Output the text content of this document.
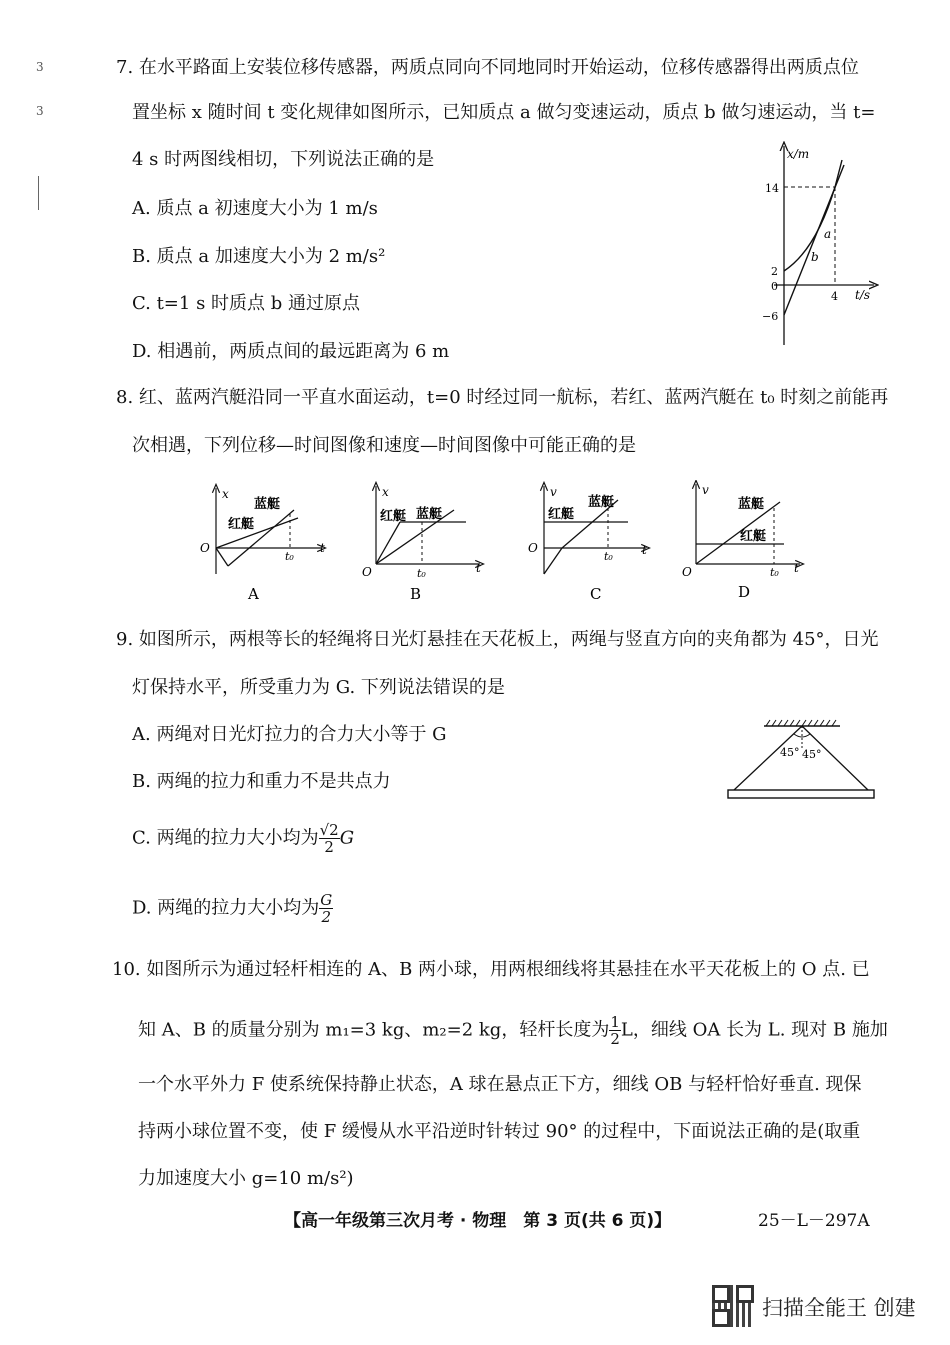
3
3
7. 在水平路面上安装位移传感器，两质点同向不同地同时开始运动，位移传感器得出两质点位
置坐标 x 随时间 t 变化规律如图所示，已知质点 a 做匀变速运动，质点 b 做匀速运动，当 t=
4 s 时两图线相切，下列说法正确的是
A. 质点 a 初速度大小为 1 m/s
B. 质点 a 加速度大小为 2 m/s²
C. t=1 s 时质点 b 通过原点
D. 相遇前，两质点间的最远距离为 6 m
x/m
t/s
14
2
0
−6
4
a
b
8. 红、蓝两汽艇沿同一平直水面运动，t=0 时经过同一航标，若红、蓝两汽艇在 t₀ 时刻之前能再
次相遇，下列位移—时间图像和速度—时间图像中可能正确的是
x
蓝艇
红艇
O
t₀
t
A
x
红艇 蓝艇
O	t₀	t
B
v
红艇
蓝艇
O
t₀ t
C
v
蓝艇
红艇
O	t₀ t
D
9. 如图所示，两根等长的轻绳将日光灯悬挂在天花板上，两绳与竖直方向的夹角都为 45°，日光
灯保持水平，所受重力为 G. 下列说法错误的是
A. 两绳对日光灯拉力的合力大小等于 G
B. 两绳的拉力和重力不是共点力
C. 两绳的拉力大小均为 $\frac{√2}{2}$ G
D. 两绳的拉力大小均为 $\frac{G}{2}$
45° 45°
10. 如图所示为通过轻杆相连的 A、B 两小球，用两根细线将其悬挂在水平天花板上的 O 点. 已
知 A、B 的质量分别为 m₁=3 kg、m₂=2 kg，轻杆长度为 $\frac{1}{2}$ L，细线 OA 长为 L. 现对 B 施加
一个水平外力 F 使系统保持静止状态，A 球在悬点正下方，细线 OB 与轻杆恰好垂直. 现保
持两小球位置不变，使 F 缓慢从水平沿逆时针转过 90° 的过程中，下面说法正确的是(取重
力加速度大小 g=10 m/s²)
【高一年级第三次月考 · 物理　第 3 页(共 6 页)】	25－L－297A
扫描全能王 创建
